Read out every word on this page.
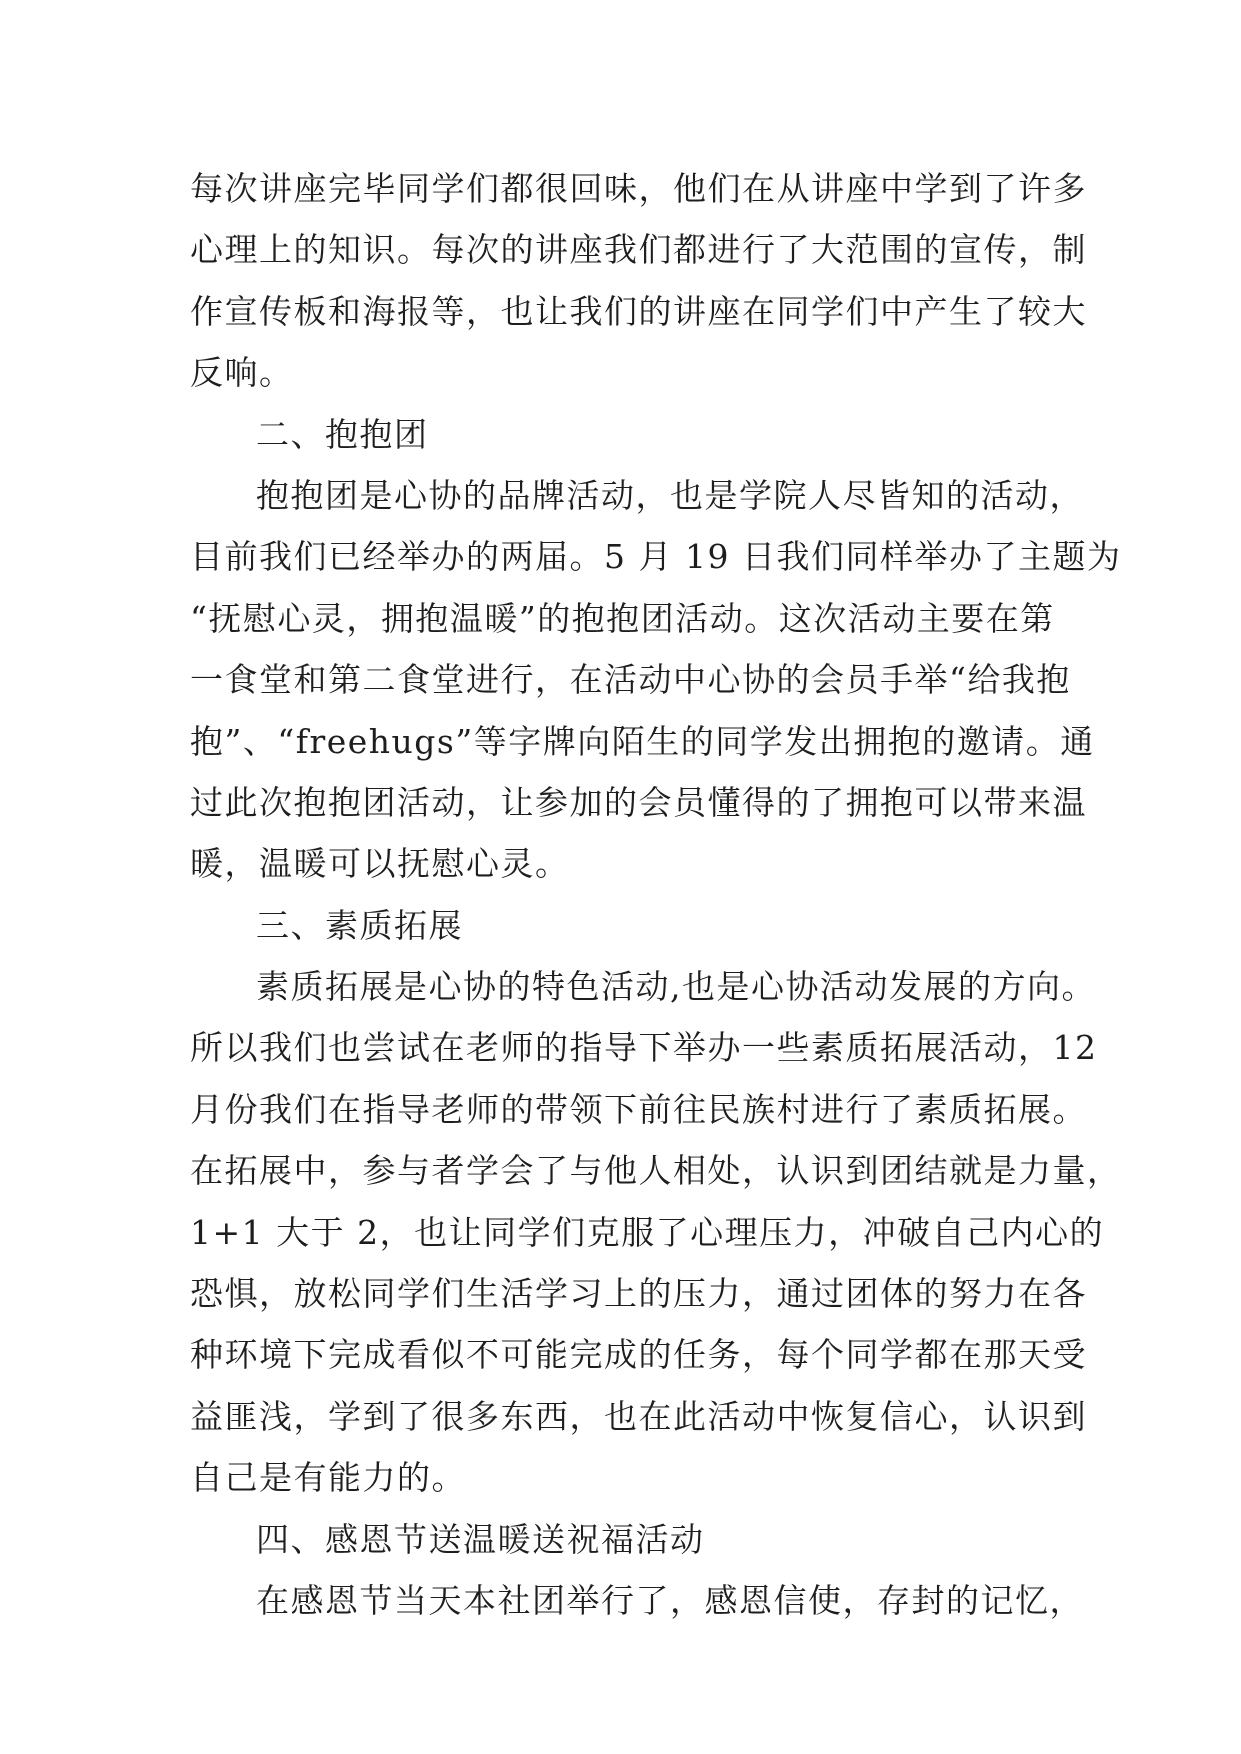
每次讲座完毕同学们都很回味，他们在从讲座中学到了许多
心理上的知识。每次的讲座我们都进行了大范围的宣传，制
作宣传板和海报等，也让我们的讲座在同学们中产生了较大
反响。
二、抱抱团
抱抱团是心协的品牌活动，也是学院人尽皆知的活动，
目前我们已经举办的两届。5 月 19 日我们同样举办了主题为
“抚慰心灵，拥抱温暖”的抱抱团活动。这次活动主要在第
一食堂和第二食堂进行，在活动中心协的会员手举“给我抱
抱”、“freehugs”等字牌向陌生的同学发出拥抱的邀请。通
过此次抱抱团活动，让参加的会员懂得的了拥抱可以带来温
暖，温暖可以抚慰心灵。
三、素质拓展
素质拓展是心协的特色活动,也是心协活动发展的方向。
所以我们也尝试在老师的指导下举办一些素质拓展活动，12
月份我们在指导老师的带领下前往民族村进行了素质拓展。
在拓展中，参与者学会了与他人相处，认识到团结就是力量，
1+1 大于 2，也让同学们克服了心理压力，冲破自己内心的
恐惧，放松同学们生活学习上的压力，通过团体的努力在各
种环境下完成看似不可能完成的任务，每个同学都在那天受
益匪浅，学到了很多东西，也在此活动中恢复信心，认识到
自己是有能力的。
四、感恩节送温暖送祝福活动
在感恩节当天本社团举行了，感恩信使，存封的记忆，
